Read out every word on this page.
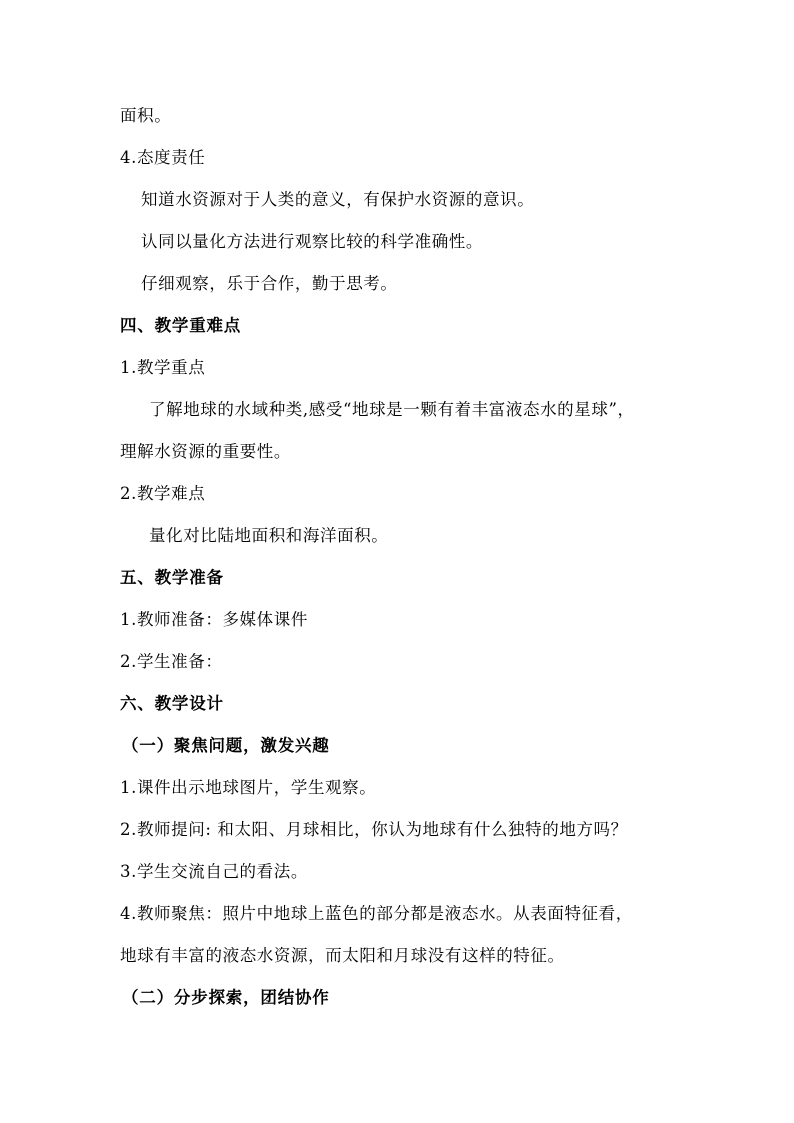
面积。
4.态度责任
知道水资源对于人类的意义，有保护水资源的意识。
认同以量化方法进行观察比较的科学准确性。
仔细观察，乐于合作，勤于思考。
四、教学重难点
1.教学重点
了解地球的水域种类,感受“地球是一颗有着丰富液态水的星球”，
理解水资源的重要性。
2.教学难点
量化对比陆地面积和海洋面积。
五、教学准备
1.教师准备：多媒体课件
2.学生准备：
六、教学设计
（一）聚焦问题，激发兴趣
1.课件出示地球图片，学生观察。
2.教师提问: 和太阳、月球相比，你认为地球有什么独特的地方吗？
3.学生交流自己的看法。
4.教师聚焦：照片中地球上蓝色的部分都是液态水。从表面特征看，
地球有丰富的液态水资源，而太阳和月球没有这样的特征。
（二）分步探索，团结协作
